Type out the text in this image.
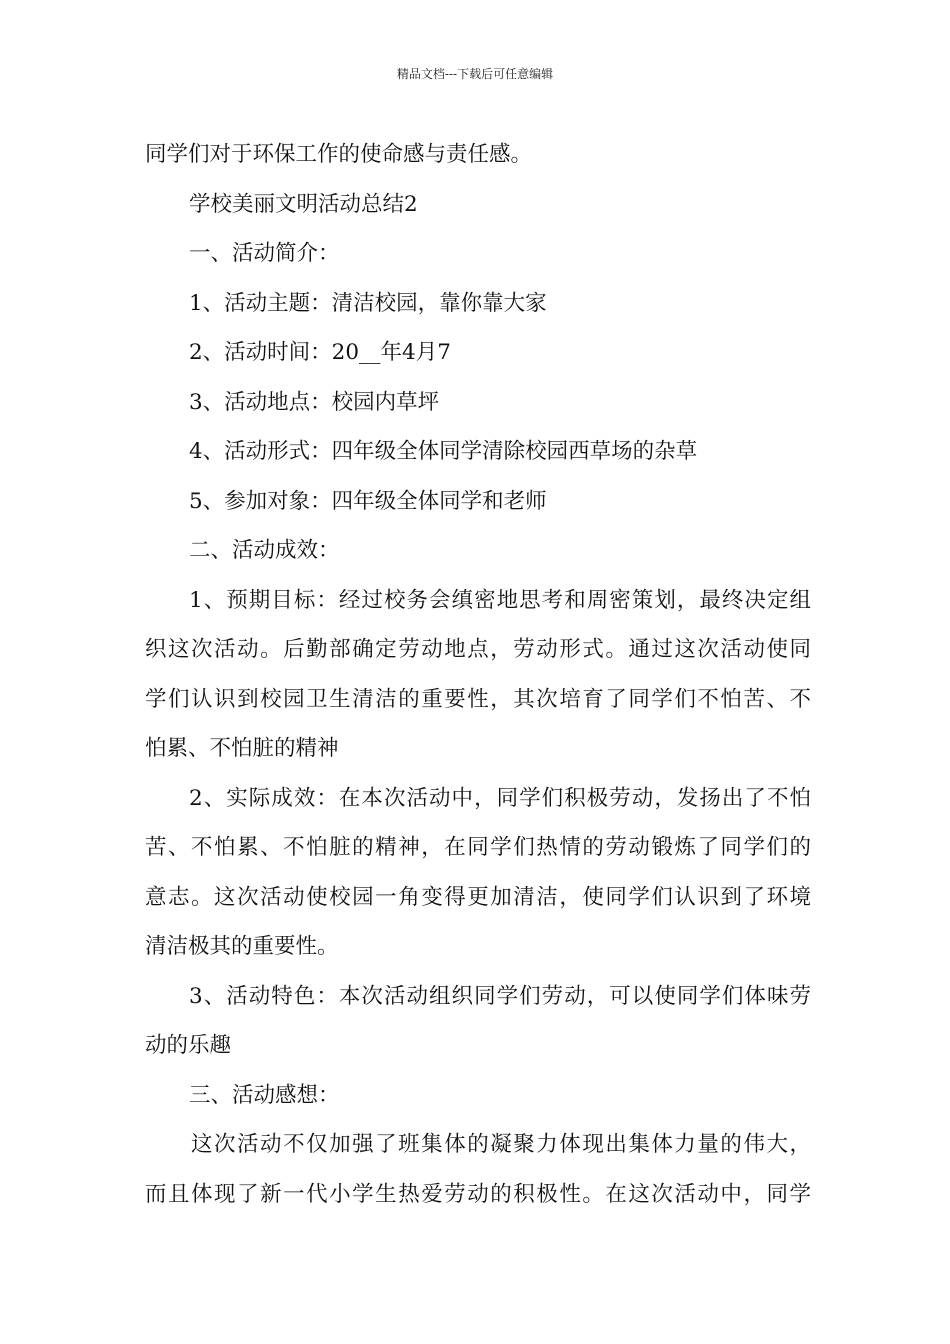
精品文档---下载后可任意编辑
同学们对于环保工作的使命感与责任感。
学校美丽文明活动总结2
一、活动简介：
1、活动主题：清洁校园，靠你靠大家
2、活动时间：20__年4月7
3、活动地点：校园内草坪
4、活动形式：四年级全体同学清除校园西草场的杂草
5、参加对象：四年级全体同学和老师
二、活动成效：
1、预期目标：经过校务会缜密地思考和周密策划，最终决定组
织这次活动。后勤部确定劳动地点，劳动形式。通过这次活动使同
学们认识到校园卫生清洁的重要性，其次培育了同学们不怕苦、不
怕累、不怕脏的精神
2、实际成效：在本次活动中，同学们积极劳动，发扬出了不怕
苦、不怕累、不怕脏的精神，在同学们热情的劳动锻炼了同学们的
意志。这次活动使校园一角变得更加清洁，使同学们认识到了环境
清洁极其的重要性。
3、活动特色：本次活动组织同学们劳动，可以使同学们体味劳
动的乐趣
三、活动感想：
这次活动不仅加强了班集体的凝聚力体现出集体力量的伟大，
而且体现了新一代小学生热爱劳动的积极性。在这次活动中，同学
